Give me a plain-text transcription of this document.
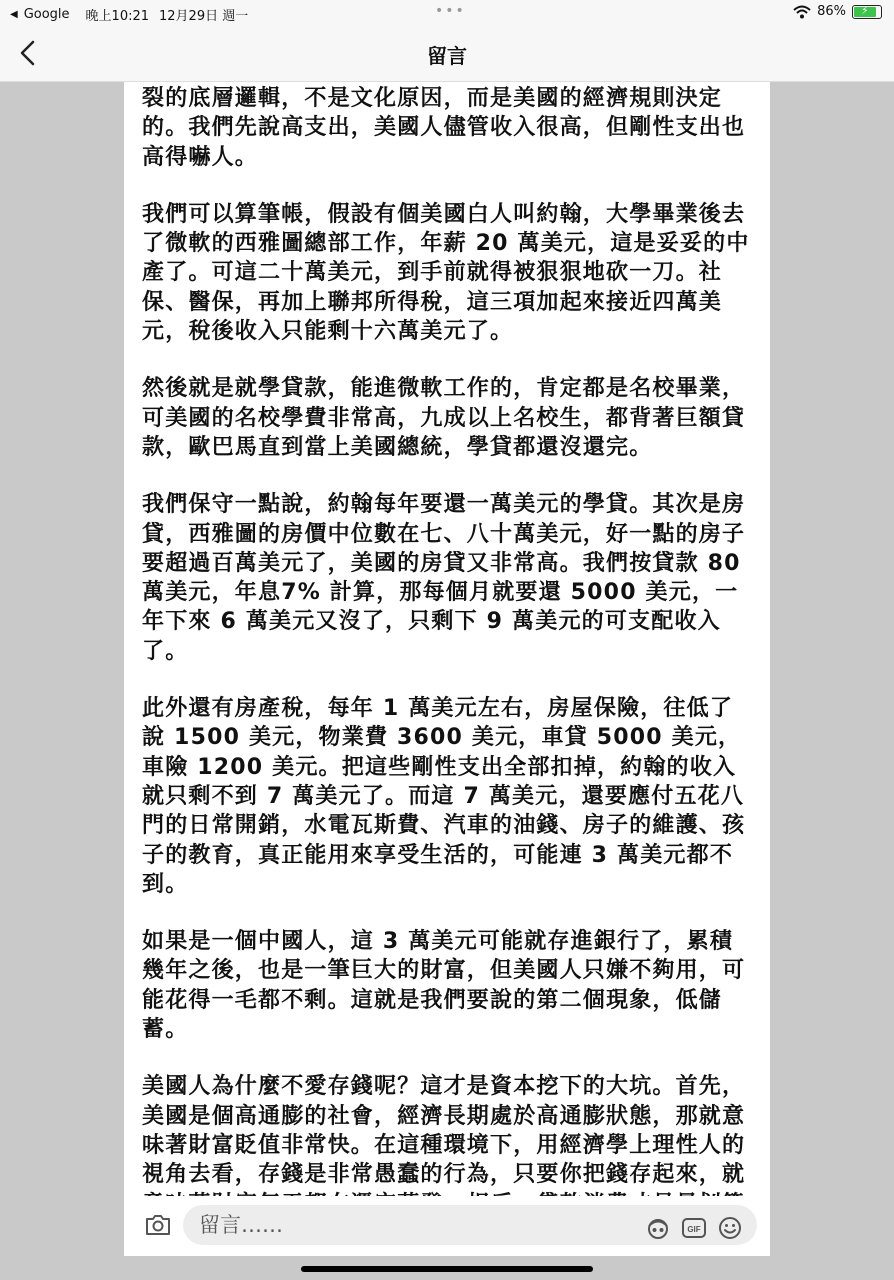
◀ Google 晚上10:21 12月29日 週一	•••	86% ⚡
留言

裂的底層邏輯，不是文化原因，而是美國的經濟規則決定的。我們先說高支出，美國人儘管收入很高，但剛性支出也高得嚇人。

我們可以算筆帳，假設有個美國白人叫約翰，大學畢業後去了微軟的西雅圖總部工作，年薪 20 萬美元，這是妥妥的中產了。可這二十萬美元，到手前就得被狠狠地砍一刀。社保、醫保，再加上聯邦所得稅，這三項加起來接近四萬美元，稅後收入只能剩十六萬美元了。

然後就是就學貸款，能進微軟工作的，肯定都是名校畢業，可美國的名校學費非常高，九成以上名校生，都背著巨額貸款，歐巴馬直到當上美國總統，學貸都還沒還完。

我們保守一點說，約翰每年要還一萬美元的學貸。其次是房貸，西雅圖的房價中位數在七、八十萬美元，好一點的房子要超過百萬美元了，美國的房貸又非常高。我們按貸款 80 萬美元，年息7% 計算，那每個月就要還 5000 美元，一年下來 6 萬美元又沒了，只剩下 9 萬美元的可支配收入了。

此外還有房產稅，每年 1 萬美元左右，房屋保險，往低了說 1500 美元，物業費 3600 美元，車貸 5000 美元，車險 1200 美元。把這些剛性支出全部扣掉，約翰的收入就只剩不到 7 萬美元了。而這 7 萬美元，還要應付五花八門的日常開銷，水電瓦斯費、汽車的油錢、房子的維護、孩子的教育，真正能用來享受生活的，可能連 3 萬美元都不到。

如果是一個中國人，這 3 萬美元可能就存進銀行了，累積幾年之後，也是一筆巨大的財富，但美國人只嫌不夠用，可能花得一毛都不剩。這就是我們要說的第二個現象，低儲蓄。

美國人為什麼不愛存錢呢？這才是資本挖下的大坑。首先，美國是個高通膨的社會，經濟長期處於高通膨狀態，那就意味著財富貶值非常快。在這種環境下，用經濟學上理性人的視角去看，存錢是非常愚蠢的行為，只要你把錢存起來，就

留言……	GIF
